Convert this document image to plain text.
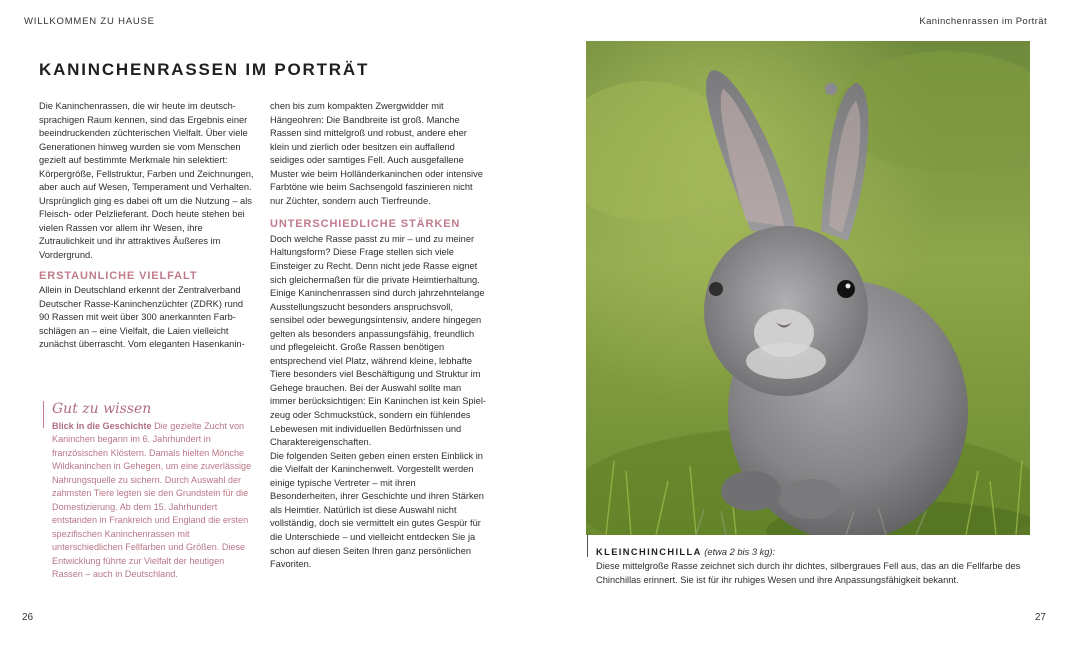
WILLKOMMEN ZU HAUSE	Kaninchenrassen im Porträt
KANINCHENRASSEN IM PORTRÄT

Die Kaninchenrassen, die wir heute im deutschsprachigen Raum kennen, sind das Ergebnis einer beeindruckenden züchterischen Vielfalt. Über viele Generationen hinweg wurden sie vom Menschen gezielt auf bestimmte Merkmale hin selektiert: Körpergröße, Fellstruktur, Farben und Zeichnungen, aber auch auf Wesen, Temperament und Verhalten. Ursprünglich ging es dabei oft um die Nutzung – als Fleisch- oder Pelzlieferant. Doch heute stehen bei vielen Rassen vor allem ihr Wesen, ihre Zutraulichkeit und ihr attraktives Äußeres im Vordergrund.

ERSTAUNLICHE VIELFALT

Allein in Deutschland erkennt der Zentralverband Deutscher Rasse-Kaninchenzüchter (ZDRK) rund 90 Rassen mit weit über 300 anerkannten Farbschlägen an – eine Vielfalt, die Laien vielleicht zunächst überrascht. Vom eleganten Hasenkanin-

chen bis zum kompakten Zwergwidder mit Hängeohren: Die Bandbreite ist groß. Manche Rassen sind mittelgroß und robust, andere eher klein und zierlich oder besitzen ein auffallend seidiges oder samtiges Fell. Auch ausgefallene Muster wie beim Holländerkaninchen oder intensive Farbtöne wie beim Sachsengold faszinieren nicht nur Züchter, sondern auch Tierfreunde.

UNTERSCHIEDLICHE STÄRKEN

Doch welche Rasse passt zu mir – und zu meiner Haltungsform? Diese Frage stellen sich viele Einsteiger zu Recht. Denn nicht jede Rasse eignet sich gleichermaßen für die private Heimtierhaltung. Einige Kaninchenrassen sind durch jahrzehntelange Ausstellungszucht besonders anspruchsvoll, sensibel oder bewegungsintensiv, andere hingegen gelten als besonders anpassungsfähig, freundlich und pflegeleicht. Große Rassen benötigen entsprechend viel Platz, während kleine, lebhafte Tiere besonders viel Beschäftigung und Struktur im Gehege brauchen. Bei der Auswahl sollte man immer berücksichtigen: Ein Kaninchen ist kein Spielzeug oder Schmuckstück, sondern ein fühlendes Lebewesen mit individuellen Bedürfnissen und Charaktereigenschaften.

Die folgenden Seiten geben einen ersten Einblick in die Vielfalt der Kaninchenwelt. Vorgestellt werden einige typische Vertreter – mit ihren Besonderheiten, ihrer Geschichte und ihren Stärken als Heimtier. Natürlich ist diese Auswahl nicht vollständig, doch sie vermittelt ein gutes Gespür für die Unterschiede – und vielleicht entdecken Sie ja schon auf diesen Seiten Ihren ganz persönlichen Favoriten.

Gut zu wissen
Blick in die Geschichte Die gezielte Zucht von Kaninchen begann im 6. Jahrhundert in französischen Klöstern. Damals hielten Mönche Wildkaninchen in Gehegen, um eine zuverlässige Nahrungsquelle zu sichern. Durch Auswahl der zahmsten Tiere legten sie den Grundstein für die Domestizierung. Ab dem 15. Jahrhundert entstanden in Frankreich und England die ersten spezifischen Kaninchenrassen mit unterschiedlichen Fellfarben und Größen. Diese Entwicklung führte zur Vielfalt der heutigen Rassen – auch in Deutschland.
KLEINCHINCHILLA (etwa 2 bis 3 kg):
Diese mittelgroße Rasse zeichnet sich durch ihr dichtes, silbergraues Fell aus, das an die Fellfarbe des Chinchillas erinnert. Sie ist für ihr ruhiges Wesen und ihre Anpassungsfähigkeit bekannt.
26	27
